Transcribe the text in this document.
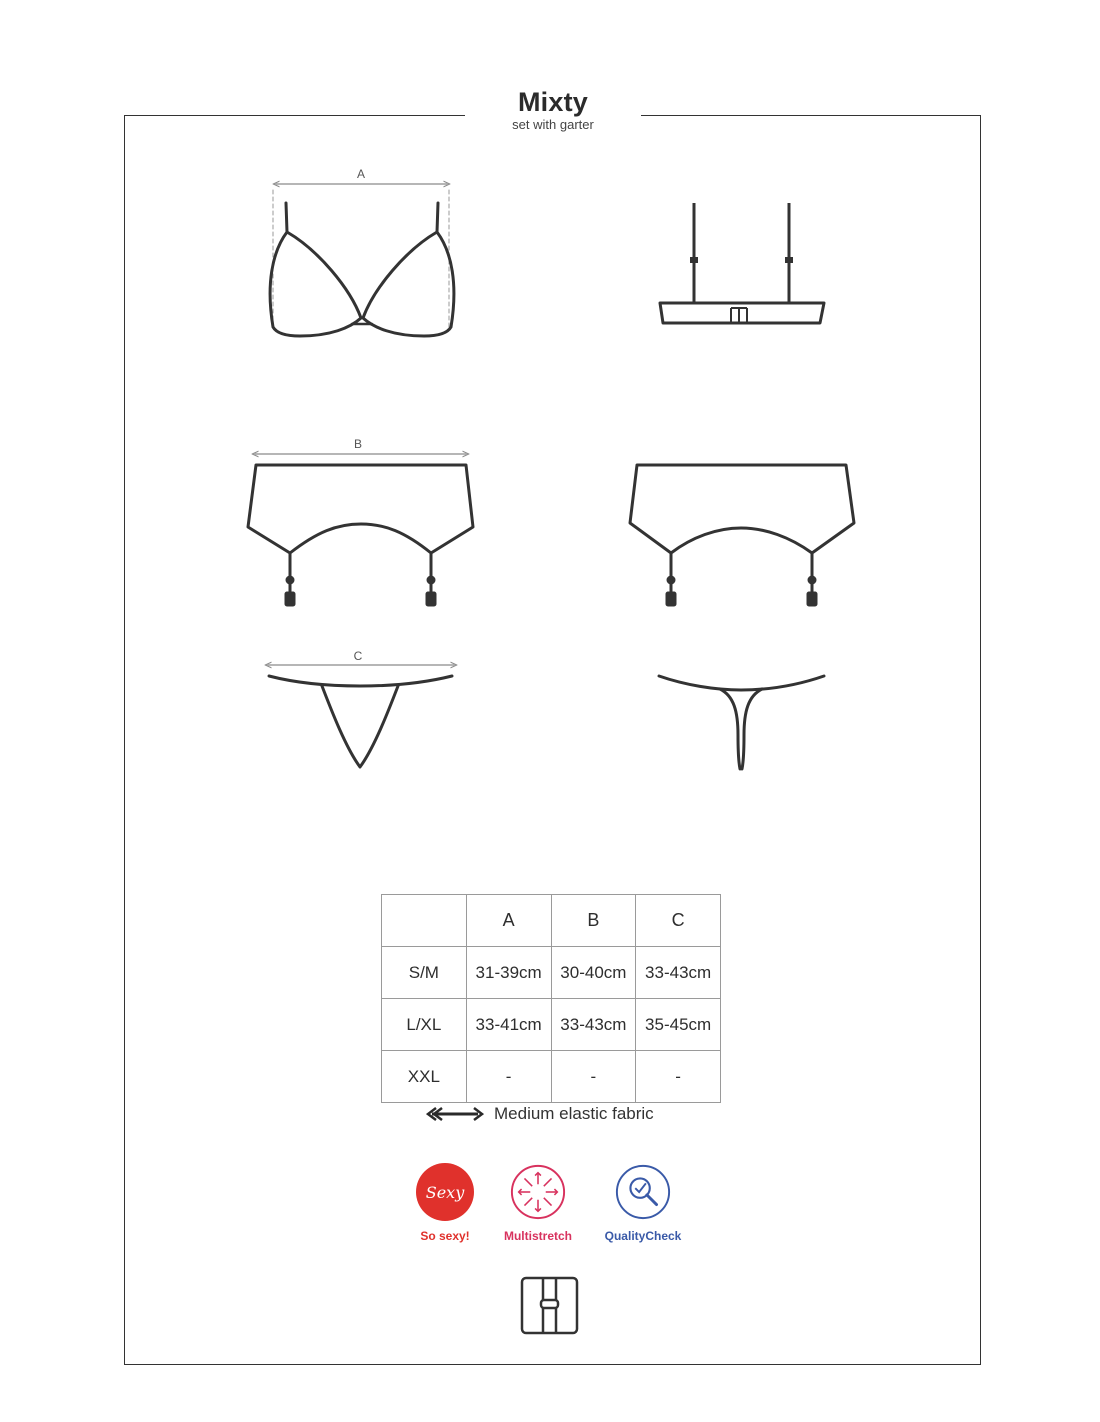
Mixty
set with garter
A
B
C
	A	B	C
S/M	31-39cm	30-40cm	33-43cm
L/XL	33-41cm	33-43cm	35-45cm
XXL	-	-	-
Medium elastic fabric
Sexy
So sexy!	Multistretch	QualityCheck
